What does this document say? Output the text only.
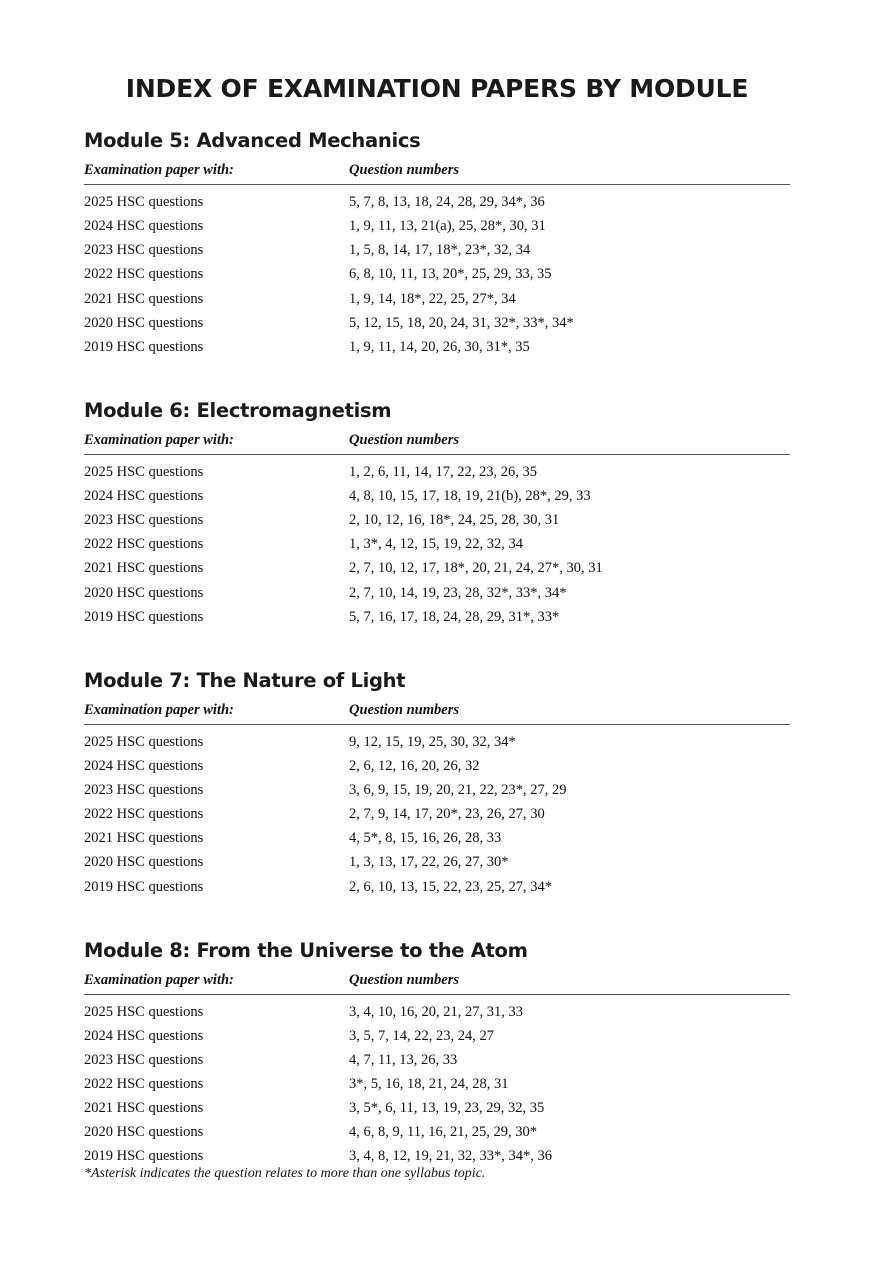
INDEX OF EXAMINATION PAPERS BY MODULE
Module 5: Advanced Mechanics
Examination paper with:	Question numbers
2025 HSC questions	5, 7, 8, 13, 18, 24, 28, 29, 34*, 36
2024 HSC questions	1, 9, 11, 13, 21(a), 25, 28*, 30, 31
2023 HSC questions	1, 5, 8, 14, 17, 18*, 23*, 32, 34
2022 HSC questions	6, 8, 10, 11, 13, 20*, 25, 29, 33, 35
2021 HSC questions	1, 9, 14, 18*, 22, 25, 27*, 34
2020 HSC questions	5, 12, 15, 18, 20, 24, 31, 32*, 33*, 34*
2019 HSC questions	1, 9, 11, 14, 20, 26, 30, 31*, 35
Module 6: Electromagnetism
Examination paper with:	Question numbers
2025 HSC questions	1, 2, 6, 11, 14, 17, 22, 23, 26, 35
2024 HSC questions	4, 8, 10, 15, 17, 18, 19, 21(b), 28*, 29, 33
2023 HSC questions	2, 10, 12, 16, 18*, 24, 25, 28, 30, 31
2022 HSC questions	1, 3*, 4, 12, 15, 19, 22, 32, 34
2021 HSC questions	2, 7, 10, 12, 17, 18*, 20, 21, 24, 27*, 30, 31
2020 HSC questions	2, 7, 10, 14, 19, 23, 28, 32*, 33*, 34*
2019 HSC questions	5, 7, 16, 17, 18, 24, 28, 29, 31*, 33*
Module 7: The Nature of Light
Examination paper with:	Question numbers
2025 HSC questions	9, 12, 15, 19, 25, 30, 32, 34*
2024 HSC questions	2, 6, 12, 16, 20, 26, 32
2023 HSC questions	3, 6, 9, 15, 19, 20, 21, 22, 23*, 27, 29
2022 HSC questions	2, 7, 9, 14, 17, 20*, 23, 26, 27, 30
2021 HSC questions	4, 5*, 8, 15, 16, 26, 28, 33
2020 HSC questions	1, 3, 13, 17, 22, 26, 27, 30*
2019 HSC questions	2, 6, 10, 13, 15, 22, 23, 25, 27, 34*
Module 8: From the Universe to the Atom
Examination paper with:	Question numbers
2025 HSC questions	3, 4, 10, 16, 20, 21, 27, 31, 33
2024 HSC questions	3, 5, 7, 14, 22, 23, 24, 27
2023 HSC questions	4, 7, 11, 13, 26, 33
2022 HSC questions	3*, 5, 16, 18, 21, 24, 28, 31
2021 HSC questions	3, 5*, 6, 11, 13, 19, 23, 29, 32, 35
2020 HSC questions	4, 6, 8, 9, 11, 16, 21, 25, 29, 30*
2019 HSC questions	3, 4, 8, 12, 19, 21, 32, 33*, 34*, 36
*Asterisk indicates the question relates to more than one syllabus topic.
